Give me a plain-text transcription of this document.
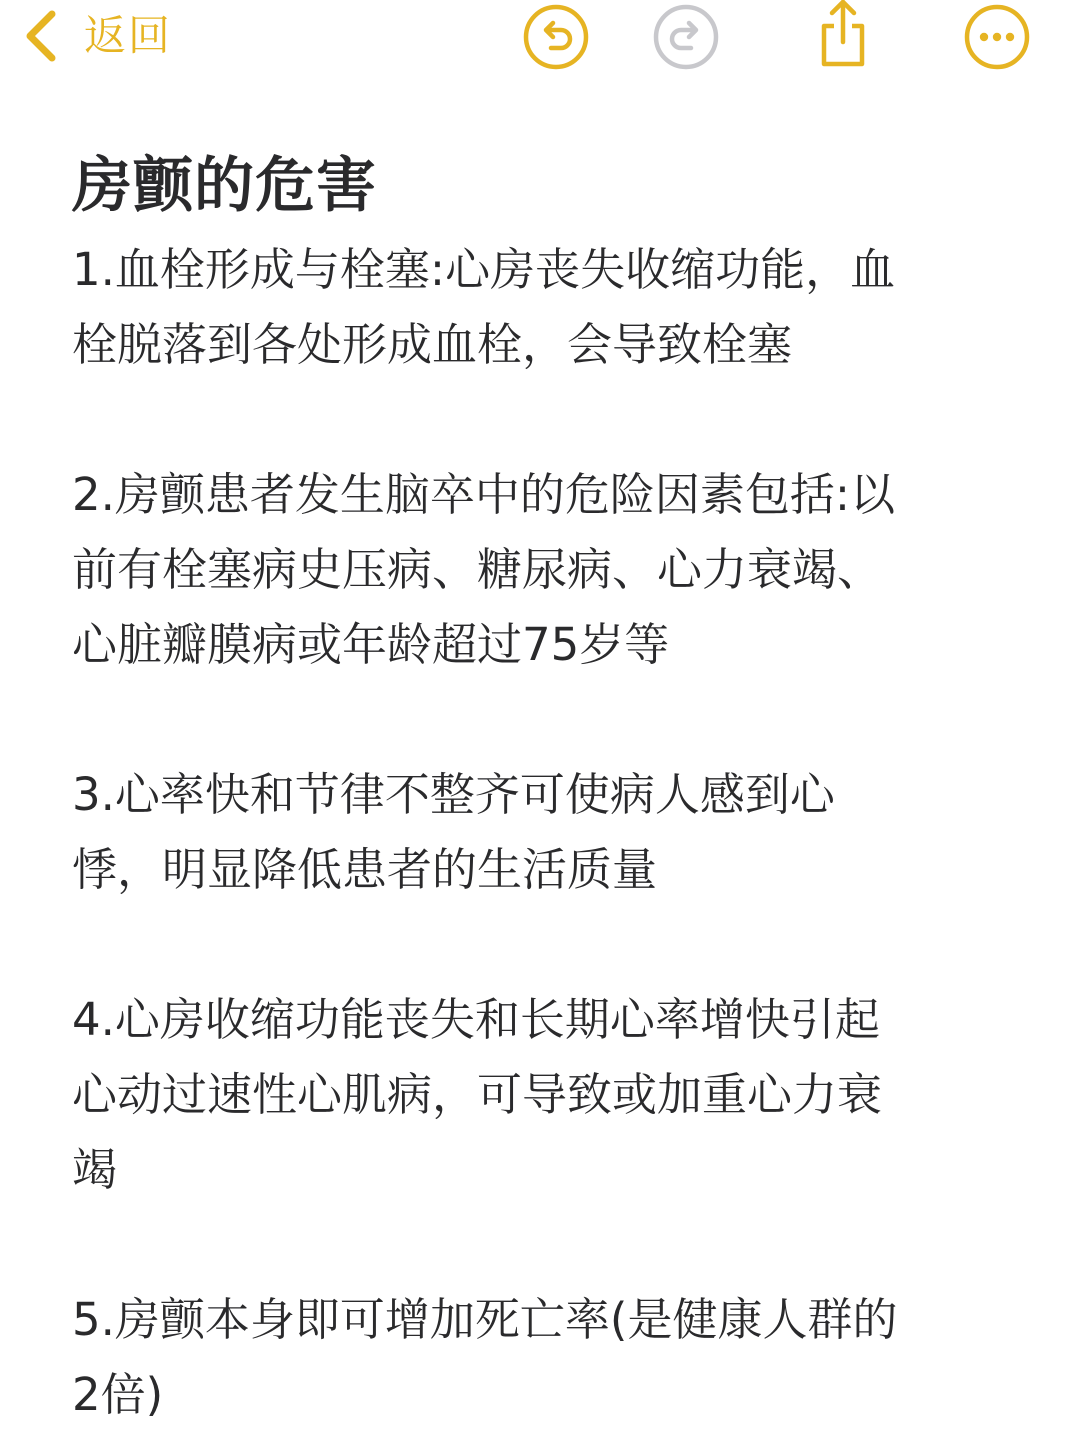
返回
房颤的危害

1.血栓形成与栓塞:心房丧失收缩功能，血
栓脱落到各处形成血栓，会导致栓塞

2.房颤患者发生脑卒中的危险因素包括:以
前有栓塞病史压病、糖尿病、心力衰竭、
心脏瓣膜病或年龄超过75岁等

3.心率快和节律不整齐可使病人感到心
悸，明显降低患者的生活质量

4.心房收缩功能丧失和长期心率增快引起
心动过速性心肌病，可导致或加重心力衰
竭

5.房颤本身即可增加死亡率(是健康人群的
2倍)
